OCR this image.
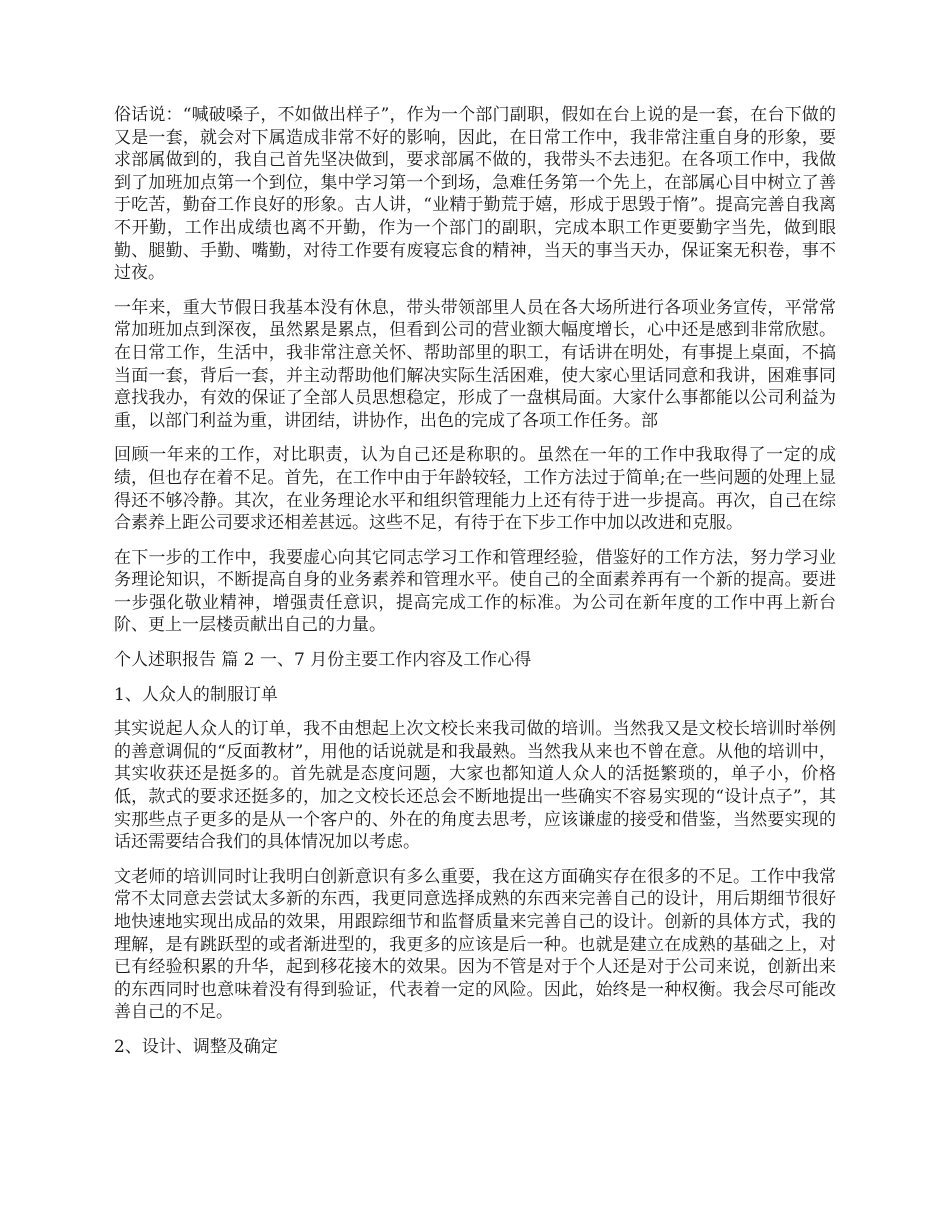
俗话说：“喊破嗓子，不如做出样子”，作为一个部门副职，假如在台上说的是一套，在台下做的又是一套，就会对下属造成非常不好的影响，因此，在日常工作中，我非常注重自身的形象，要求部属做到的，我自己首先坚决做到，要求部属不做的，我带头不去违犯。在各项工作中，我做到了加班加点第一个到位，集中学习第一个到场，急难任务第一个先上，在部属心目中树立了善于吃苦，勤奋工作良好的形象。古人讲，“业精于勤荒于嬉，形成于思毁于惰”。提高完善自我离不开勤，工作出成绩也离不开勤，作为一个部门的副职，完成本职工作更要勤字当先，做到眼勤、腿勤、手勤、嘴勤，对待工作要有废寝忘食的精神，当天的事当天办，保证案无积卷，事不过夜。

一年来，重大节假日我基本没有休息，带头带领部里人员在各大场所进行各项业务宣传，平常常常加班加点到深夜，虽然累是累点，但看到公司的营业额大幅度增长，心中还是感到非常欣慰。在日常工作，生活中，我非常注意关怀、帮助部里的职工，有话讲在明处，有事提上桌面，不搞当面一套，背后一套，并主动帮助他们解决实际生活困难，使大家心里话同意和我讲，困难事同意找我办，有效的保证了全部人员思想稳定，形成了一盘棋局面。大家什么事都能以公司利益为重，以部门利益为重，讲团结，讲协作，出色的完成了各项工作任务。部

回顾一年来的工作，对比职责，认为自己还是称职的。虽然在一年的工作中我取得了一定的成绩，但也存在着不足。首先，在工作中由于年龄较轻，工作方法过于简单;在一些问题的处理上显得还不够冷静。其次，在业务理论水平和组织管理能力上还有待于进一步提高。再次，自己在综合素养上距公司要求还相差甚远。这些不足，有待于在下步工作中加以改进和克服。

在下一步的工作中，我要虚心向其它同志学习工作和管理经验，借鉴好的工作方法，努力学习业务理论知识，不断提高自身的业务素养和管理水平。使自己的全面素养再有一个新的提高。要进一步强化敬业精神，增强责任意识，提高完成工作的标准。为公司在新年度的工作中再上新台阶、更上一层楼贡献出自己的力量。

个人述职报告 篇 2 一、7 月份主要工作内容及工作心得

1、人众人的制服订单

其实说起人众人的订单，我不由想起上次文校长来我司做的培训。当然我又是文校长培训时举例的善意调侃的“反面教材”，用他的话说就是和我最熟。当然我从来也不曾在意。从他的培训中，其实收获还是挺多的。首先就是态度问题，大家也都知道人众人的活挺繁琐的，单子小，价格低，款式的要求还挺多的，加之文校长还总会不断地提出一些确实不容易实现的“设计点子”，其实那些点子更多的是从一个客户的、外在的角度去思考，应该谦虚的接受和借鉴，当然要实现的话还需要结合我们的具体情况加以考虑。

文老师的培训同时让我明白创新意识有多么重要，我在这方面确实存在很多的不足。工作中我常常不太同意去尝试太多新的东西，我更同意选择成熟的东西来完善自己的设计，用后期细节很好地快速地实现出成品的效果，用跟踪细节和监督质量来完善自己的设计。创新的具体方式，我的理解，是有跳跃型的或者渐进型的，我更多的应该是后一种。也就是建立在成熟的基础之上，对已有经验积累的升华，起到移花接木的效果。因为不管是对于个人还是对于公司来说，创新出来的东西同时也意味着没有得到验证，代表着一定的风险。因此，始终是一种权衡。我会尽可能改善自己的不足。

2、设计、调整及确定
